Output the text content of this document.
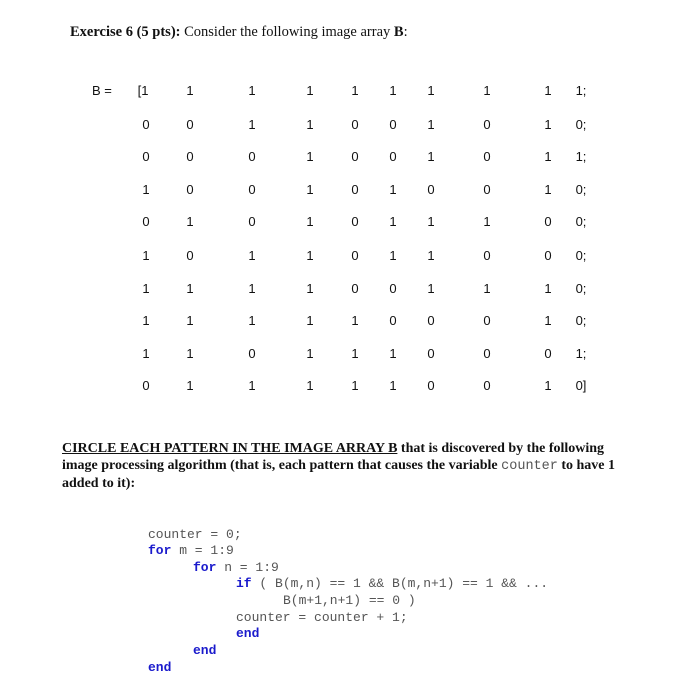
Exercise 6 (5 pts): Consider the following image array B:
B = [1	1	1	1	1 1 1	1	1 1;
0	0	1	1	0 0 1	0	1 0;
0	0	0	1	0 0 1	0	1 1;
1	0	0	1	0 1 0	0	1 0;
0	1	0	1	0 1 1	1	0 0;
1	0	1	1	0 1 1	0	0 0;
1	1	1	1	0 0 1	1	1 0;
1	1	1	1	1 0 0	0	1 0;
1	1	0	1	1 1 0	0	0 1;
0	1	1	1	1 1 0	0	1 0]
CIRCLE EACH PATTERN IN THE IMAGE ARRAY B that is discovered by the following image processing algorithm (that is, each pattern that causes the variable counter to have 1 added to it):
counter = 0;
for m = 1:9
for n = 1:9
if ( B(m,n) == 1 && B(m,n+1) == 1 && ...
B(m+1,n+1) == 0 )
counter = counter + 1;
end
end
end
